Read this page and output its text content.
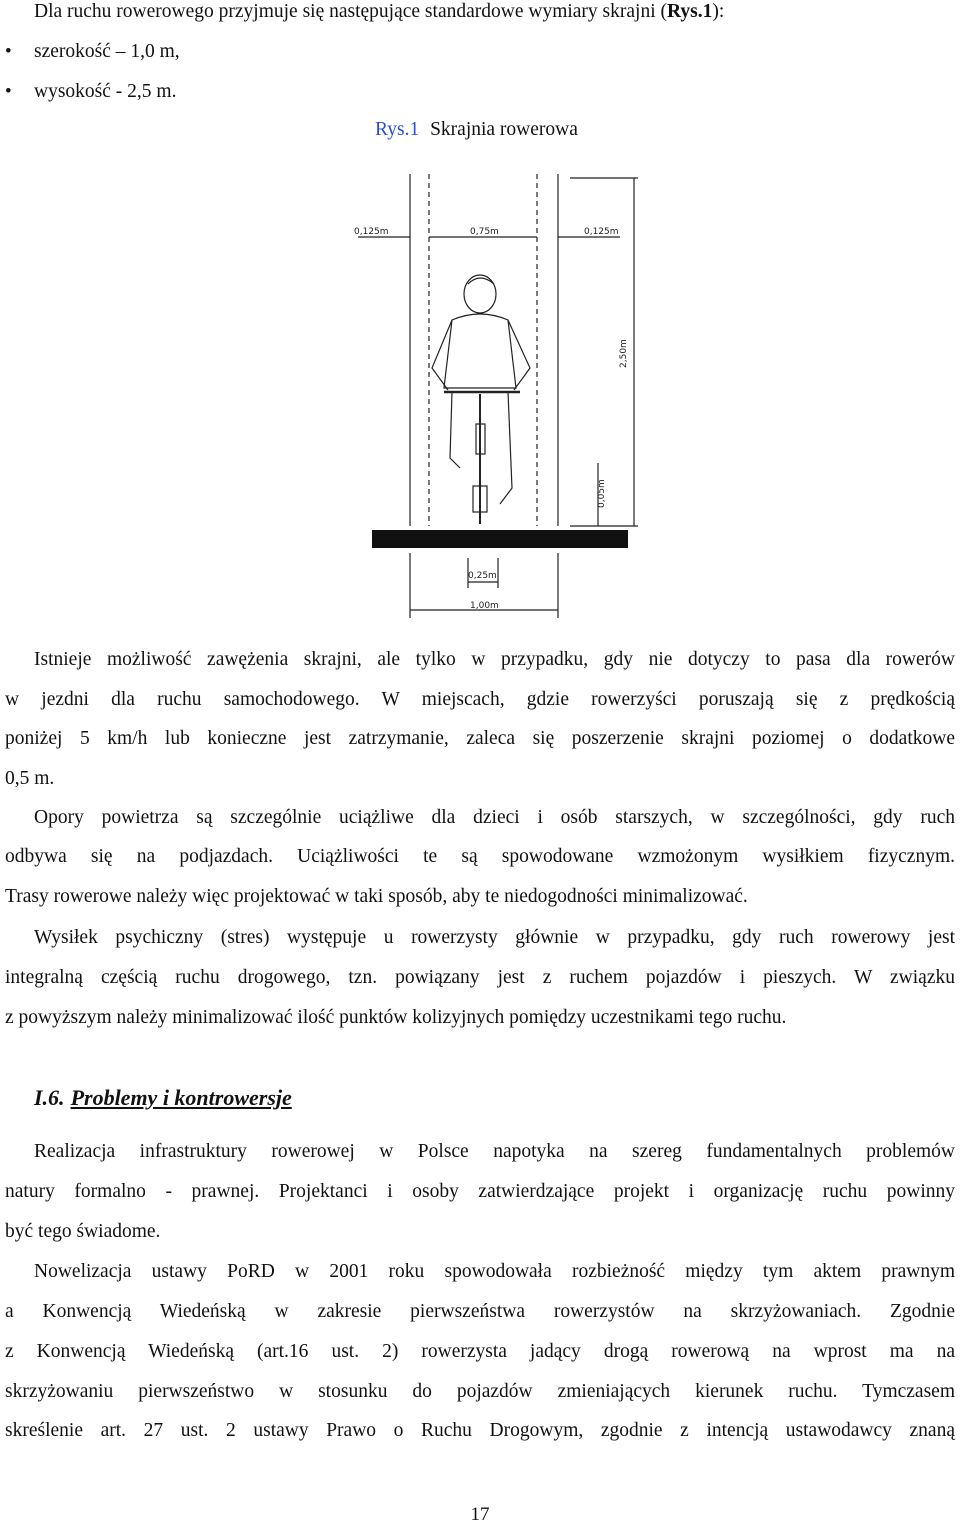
Dla ruchu rowerowego przyjmuje się następujące standardowe wymiary skrajni (Rys.1):
• szerokość – 1,0 m,
• wysokość - 2,5 m.
Rys.1 Skrajnia rowerowa
0,125m	0,75m	0,125m
2,50m
0,05m
0,25m
1,00m
Istnieje możliwość zawężenia skrajni, ale tylko w przypadku, gdy nie dotyczy to pasa dla rowerów
w jezdni dla ruchu samochodowego. W miejscach, gdzie rowerzyści poruszają się z prędkością
poniżej 5 km/h lub konieczne jest zatrzymanie, zaleca się poszerzenie skrajni poziomej o dodatkowe
0,5 m.
Opory powietrza są szczególnie uciążliwe dla dzieci i osób starszych, w szczególności, gdy ruch
odbywa się na podjazdach. Uciążliwości te są spowodowane wzmożonym wysiłkiem fizycznym.
Trasy rowerowe należy więc projektować w taki sposób, aby te niedogodności minimalizować.
Wysiłek psychiczny (stres) występuje u rowerzysty głównie w przypadku, gdy ruch rowerowy jest
integralną częścią ruchu drogowego, tzn. powiązany jest z ruchem pojazdów i pieszych. W związku
z powyższym należy minimalizować ilość punktów kolizyjnych pomiędzy uczestnikami tego ruchu.
I.6. Problemy i kontrowersje
Realizacja infrastruktury rowerowej w Polsce napotyka na szereg fundamentalnych problemów
natury formalno - prawnej. Projektanci i osoby zatwierdzające projekt i organizację ruchu powinny
być tego świadome.
Nowelizacja ustawy PoRD w 2001 roku spowodowała rozbieżność między tym aktem prawnym
a Konwencją Wiedeńską w zakresie pierwszeństwa rowerzystów na skrzyżowaniach. Zgodnie
z Konwencją Wiedeńską (art.16 ust. 2) rowerzysta jadący drogą rowerową na wprost ma na
skrzyżowaniu pierwszeństwo w stosunku do pojazdów zmieniających kierunek ruchu. Tymczasem
skreślenie art. 27 ust. 2 ustawy Prawo o Ruchu Drogowym, zgodnie z intencją ustawodawcy znaną
17
